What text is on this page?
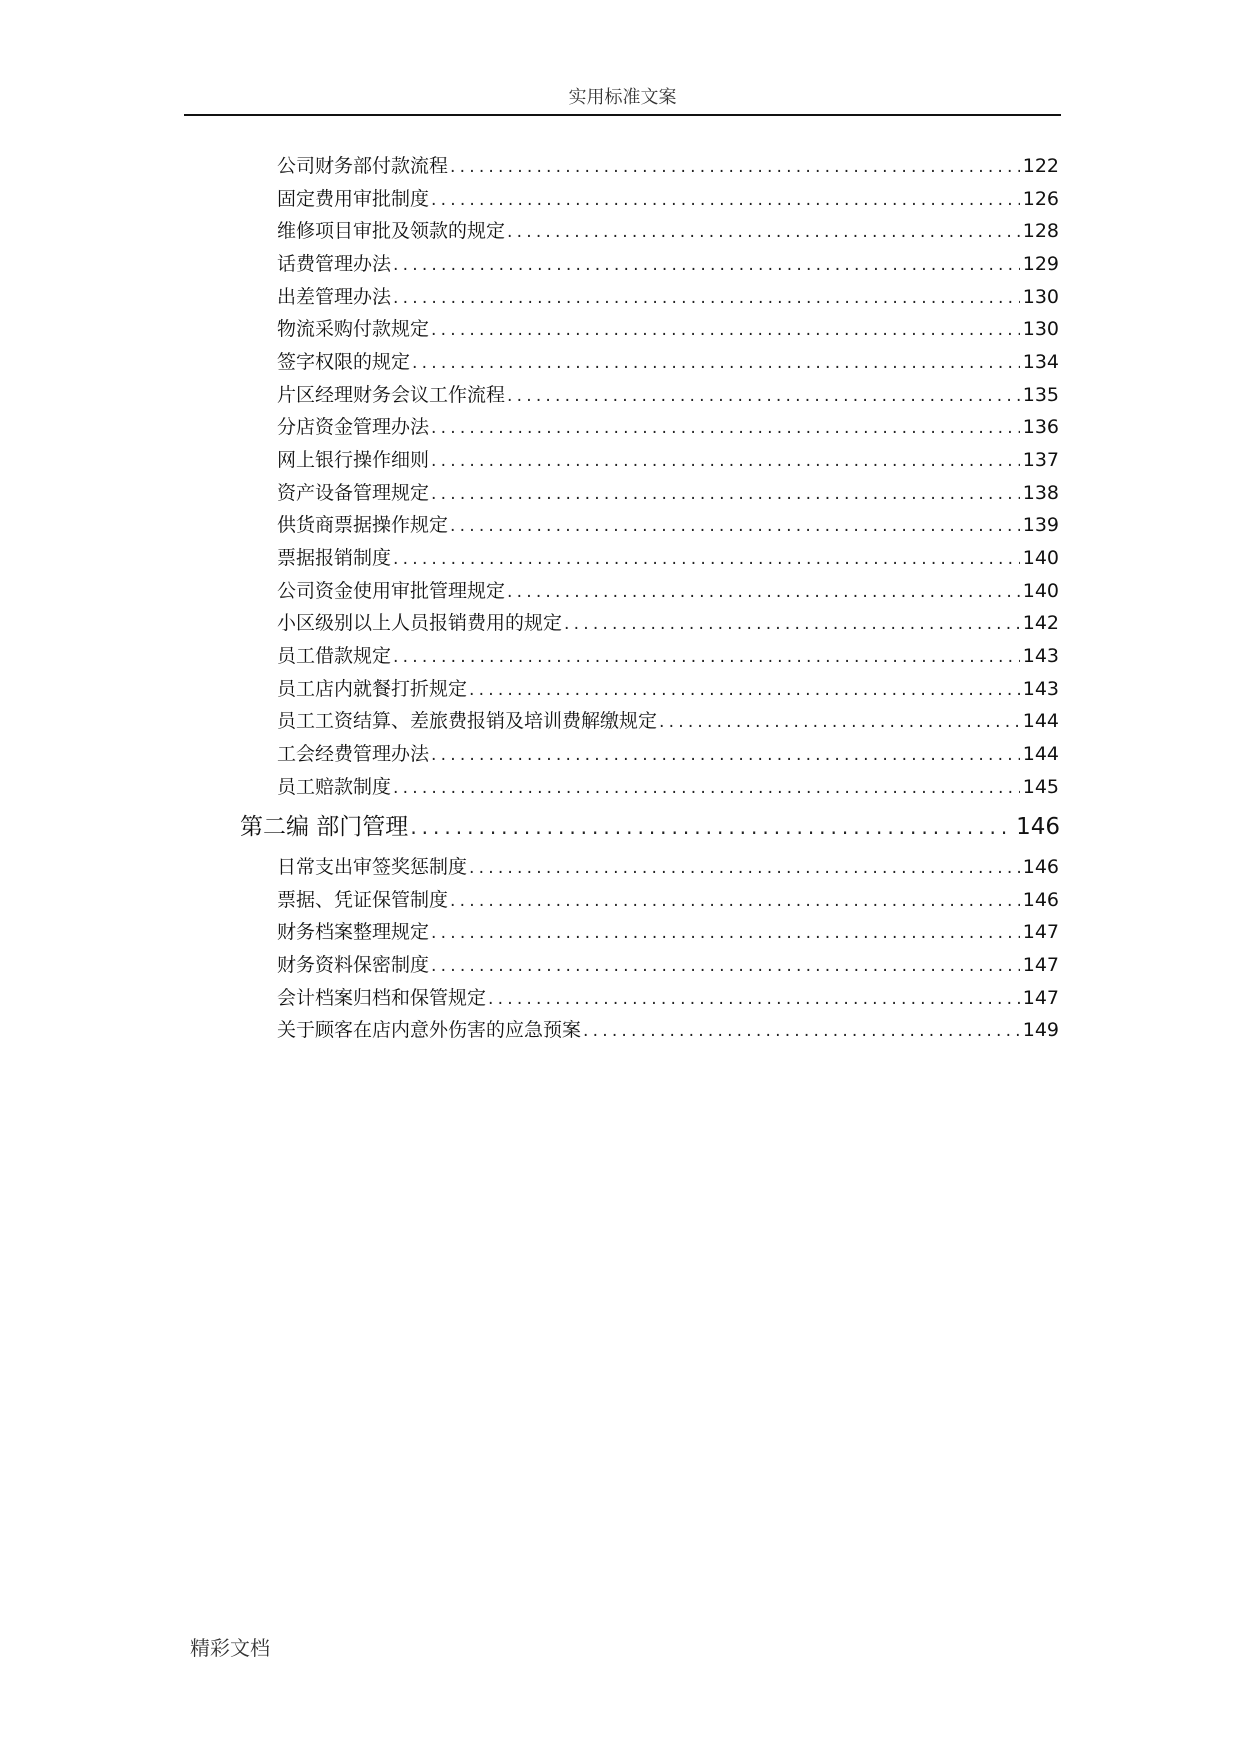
实用标准文案
公司财务部付款流程 .....	122
固定费用审批制度 .....	126
维修项目审批及领款的规定 .....	128
话费管理办法 .....	129
出差管理办法 .....	130
物流采购付款规定 .....	130
签字权限的规定 .....	134
片区经理财务会议工作流程 .....	135
分店资金管理办法 .....	136
网上银行操作细则 .....	137
资产设备管理规定 .....	138
供货商票据操作规定 .....	139
票据报销制度 .....	140
公司资金使用审批管理规定 .....	140
小区级别以上人员报销费用的规定 .....	142
员工借款规定 .....	143
员工店内就餐打折规定 .....	143
员工工资结算、差旅费报销及培训费解缴规定 .....	144
工会经费管理办法 .....	144
员工赔款制度 .....	145
第二编 部门管理 .....	146
日常支出审签奖惩制度 .....	146
票据、凭证保管制度 .....	146
财务档案整理规定 .....	147
财务资料保密制度 .....	147
会计档案归档和保管规定 .....	147
关于顾客在店内意外伤害的应急预案 .....	149
精彩文档
